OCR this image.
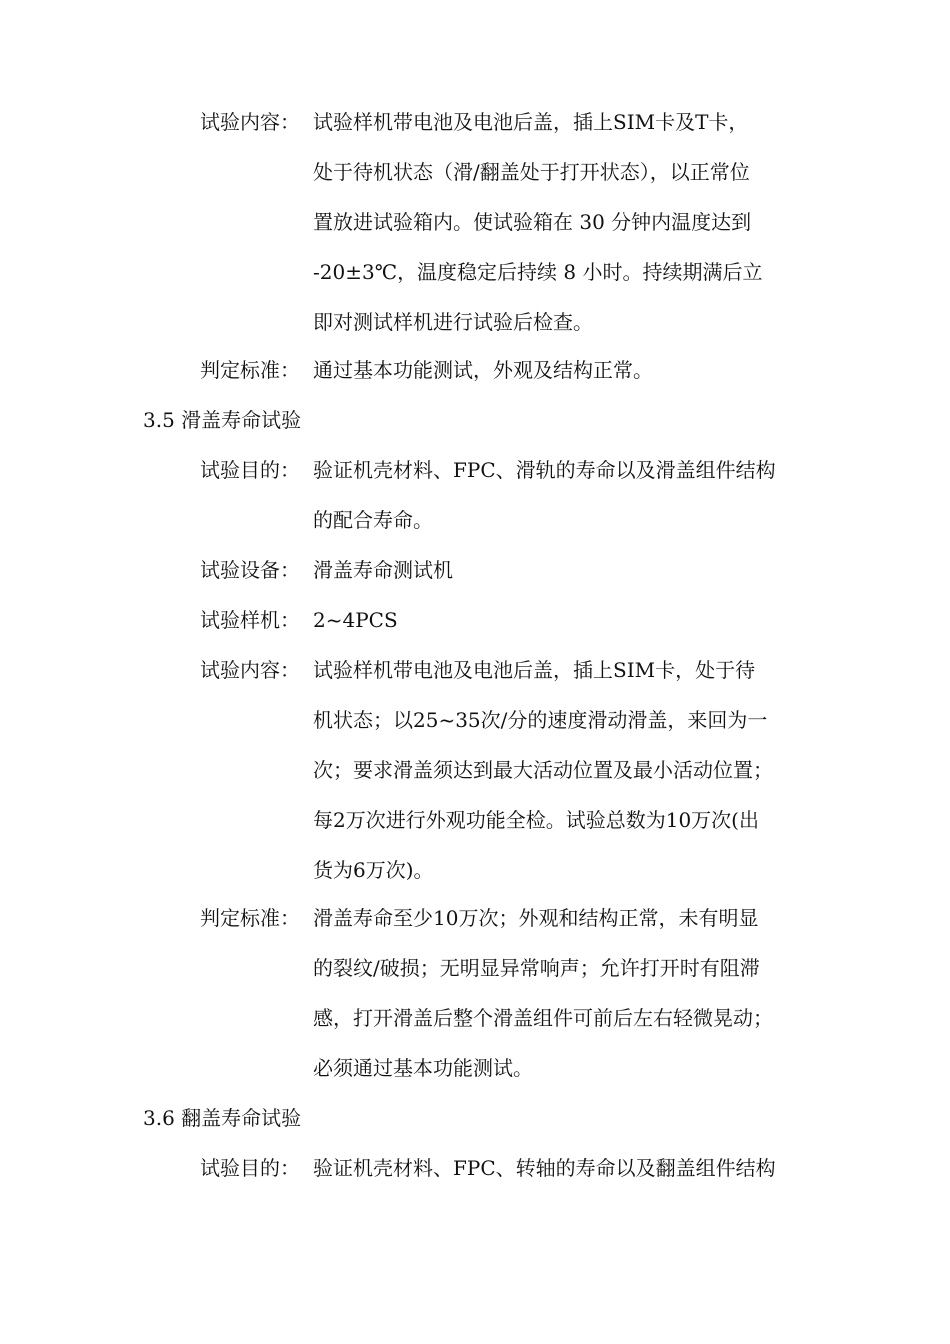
试验内容： 试验样机带电池及电池后盖，插上SIM卡及T卡，
处于待机状态（滑/翻盖处于打开状态），以正常位
置放进试验箱内。使试验箱在 30 分钟内温度达到
-20±3℃，温度稳定后持续 8 小时。持续期满后立
即对测试样机进行试验后检查。
判定标准： 通过基本功能测试，外观及结构正常。
3.5 滑盖寿命试验
试验目的： 验证机壳材料、FPC、滑轨的寿命以及滑盖组件结构
的配合寿命。
试验设备： 滑盖寿命测试机
试验样机： 2~4PCS
试验内容： 试验样机带电池及电池后盖，插上SIM卡，处于待
机状态；以25~35次/分的速度滑动滑盖，来回为一
次；要求滑盖须达到最大活动位置及最小活动位置；
每2万次进行外观功能全检。试验总数为10万次(出
货为6万次)。
判定标准： 滑盖寿命至少10万次；外观和结构正常，未有明显
的裂纹/破损；无明显异常响声；允许打开时有阻滞
感，打开滑盖后整个滑盖组件可前后左右轻微晃动；
必须通过基本功能测试。
3.6 翻盖寿命试验
试验目的： 验证机壳材料、FPC、转轴的寿命以及翻盖组件结构
